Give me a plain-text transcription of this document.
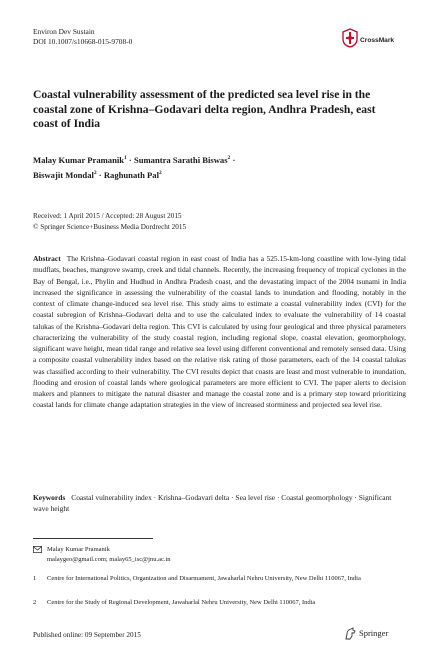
Environ Dev Sustain
DOI 10.1007/s10668-015-9708-0	CrossMark
Coastal vulnerability assessment of the predicted sea level rise in the coastal zone of Krishna–Godavari delta region, Andhra Pradesh, east coast of India
Malay Kumar Pramanik$^1$ · Sumantra Sarathi Biswas$^2$ ·
Biswajit Mondal$^2$ · Raghunath Pal$^2$
Received: 1 April 2015 / Accepted: 28 August 2015
© Springer Science+Business Media Dordrecht 2015
Abstract The Krishna–Godavari coastal region in east coast of India has a 525.15-km-long coastline with low-lying tidal mudflats, beaches, mangrove swamp, creek and tidal channels. Recently, the increasing frequency of tropical cyclones in the Bay of Bengal, i.e., Phylin and Hudhud in Andhra Pradesh coast, and the devastating impact of the 2004 tsunami in India increased the significance in assessing the vulnerability of the coastal lands to inundation and flooding, notably in the context of climate change-induced sea level rise. This study aims to estimate a coastal vulnerability index (CVI) for the coastal subregion of Krishna–Godavari delta and to use the calculated index to evaluate the vulnerability of 14 coastal talukas of the Krishna–Godavari delta region. This CVI is calculated by using four geological and three physical parameters characterizing the vulnerability of the study coastal region, including regional slope, coastal elevation, geomorphology, significant wave height, mean tidal range and relative sea level using different conventional and remotely sensed data. Using a composite coastal vulnerability index based on the relative risk rating of those parameters, each of the 14 coastal talukas was classified according to their vulnerability. The CVI results depict that coasts are least and most vulnerable to inundation, flooding and erosion of coastal lands where geological parameters are more efficient to CVI. The paper alerts to decision makers and planners to mitigate the natural disaster and manage the coastal zone and is a primary step toward prioritizing coastal lands for climate change adaptation strategies in the view of increased storminess and projected sea level rise.
Keywords Coastal vulnerability index · Krishna–Godavari delta · Sea level rise · Coastal geomorphology · Significant wave height
Malay Kumar Pramanik
malaygeo@gmail.com; malay65_isc@jnu.ac.in
1 Centre for International Politics, Organization and Disarmament, Jawaharlal Nehru University, New Delhi 110067, India
2 Centre for the Study of Regional Development, Jawaharlal Nehru University, New Delhi 110067, India
Published online: 09 September 2015	Springer
